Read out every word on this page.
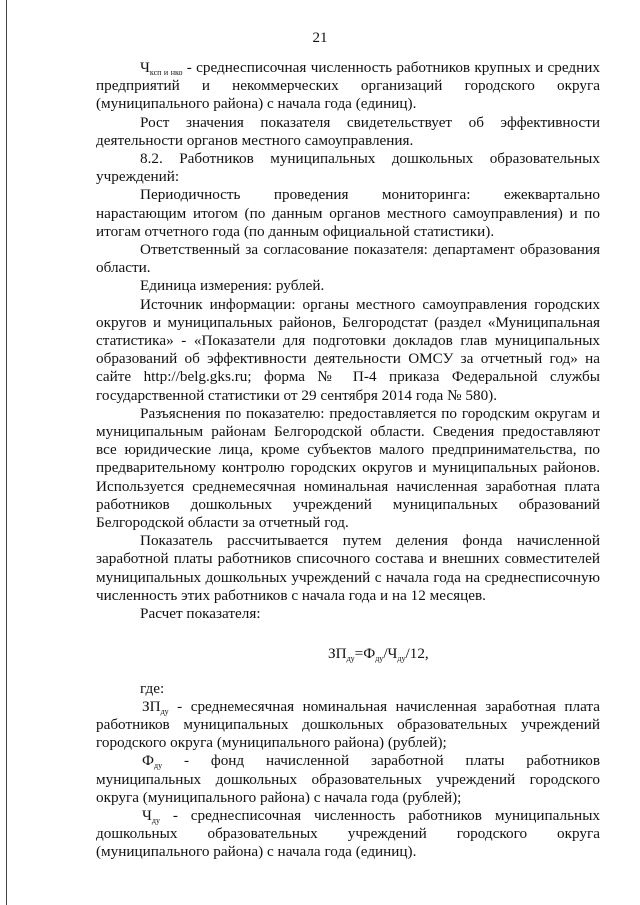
21

$Ч_{ксп и нко}$ - среднесписочная численность работников крупных и средних предприятий и некоммерческих организаций городского округа (муниципального района) с начала года (единиц).

Рост значения показателя свидетельствует об эффективности деятельности органов местного самоуправления.

8.2. Работников муниципальных дошкольных образовательных учреждений:

Периодичность проведения мониторинга: ежеквартально нарастающим итогом (по данным органов местного самоуправления) и по итогам отчетного года (по данным официальной статистики).

Ответственный за согласование показателя: департамент образования области.

Единица измерения: рублей.

Источник информации: органы местного самоуправления городских округов и муниципальных районов, Белгородстат (раздел «Муниципальная статистика» - «Показатели для подготовки докладов глав муниципальных образований об эффективности деятельности ОМСУ за отчетный год» на сайте http://belg.gks.ru; форма № П-4 приказа Федеральной службы государственной статистики от 29 сентября 2014 года № 580).

Разъяснения по показателю: предоставляется по городским округам и муниципальным районам Белгородской области. Сведения предоставляют все юридические лица, кроме субъектов малого предпринимательства, по предварительному контролю городских округов и муниципальных районов. Используется среднемесячная номинальная начисленная заработная плата работников дошкольных учреждений муниципальных образований Белгородской области за отчетный год.

Показатель рассчитывается путем деления фонда начисленной заработной платы работников списочного состава и внешних совместителей муниципальных дошкольных учреждений с начала года на среднесписочную численность этих работников с начала года и на 12 месяцев.

Расчет показателя:

$ЗП_{ду}=Ф_{ду}/Ч_{ду}/12$,

где:

$ЗП_{ду}$ - среднемесячная номинальная начисленная заработная плата работников муниципальных дошкольных образовательных учреждений городского округа (муниципального района) (рублей);

$Ф_{ду}$ - фонд начисленной заработной платы работников муниципальных дошкольных образовательных учреждений городского округа (муниципального района) с начала года (рублей);

$Ч_{ду}$ - среднесписочная численность работников муниципальных дошкольных образовательных учреждений городского округа (муниципального района) с начала года (единиц).
